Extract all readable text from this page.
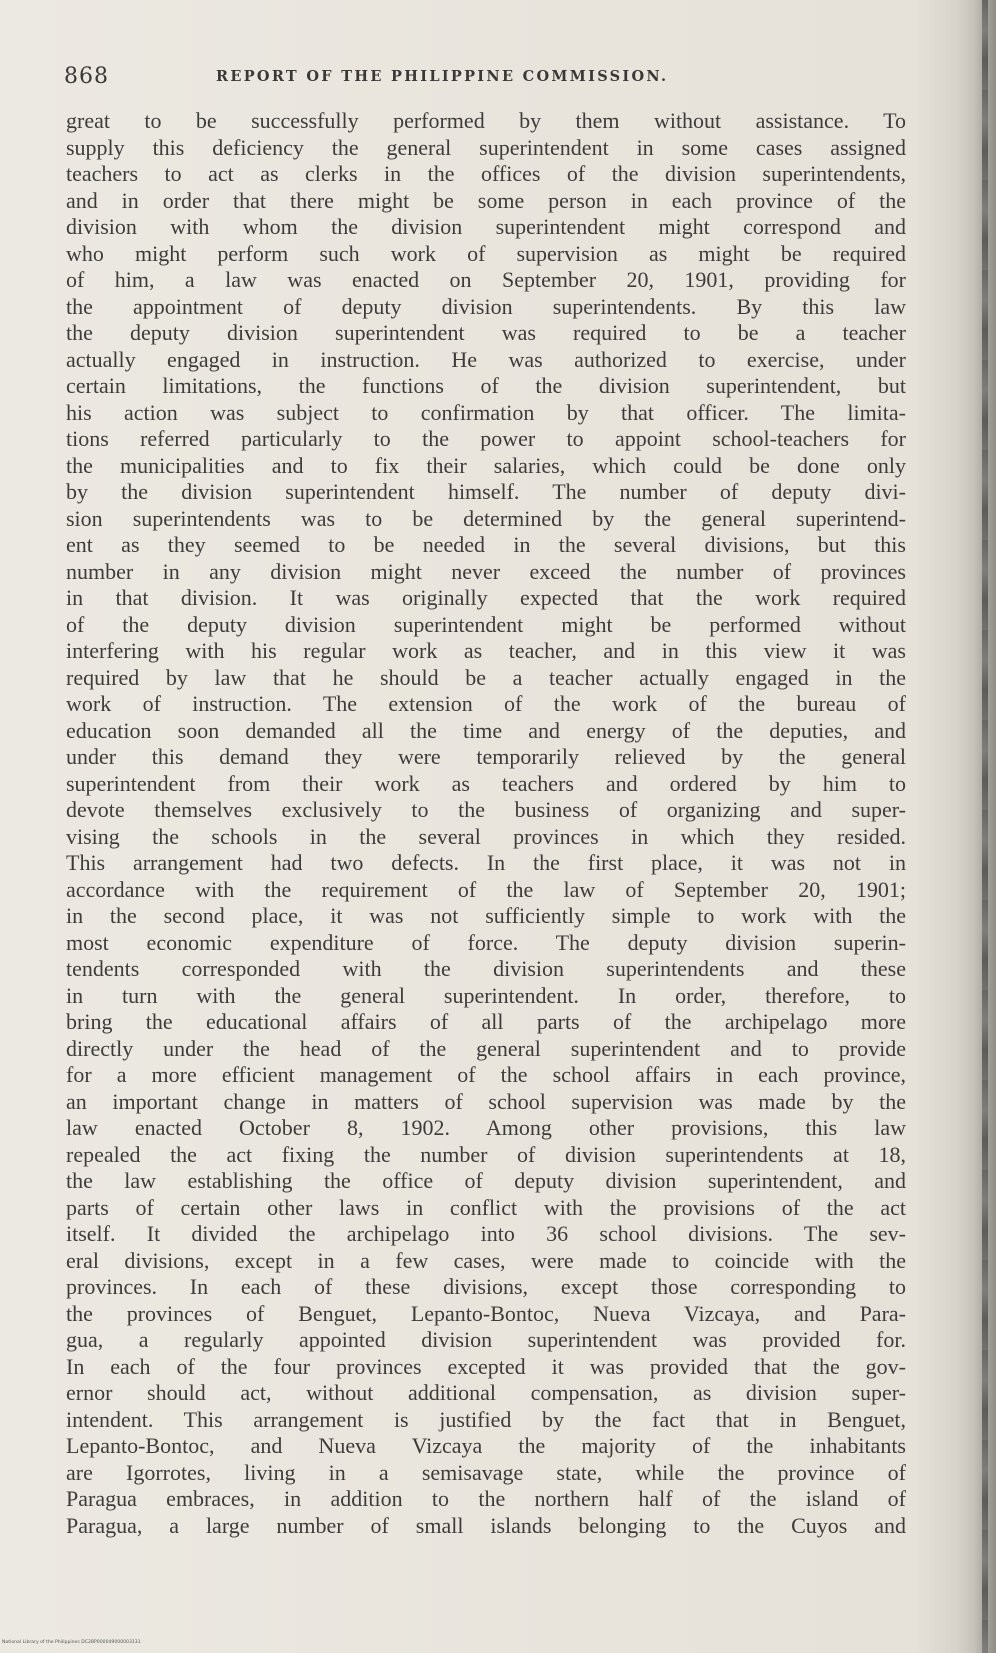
868	REPORT OF THE PHILIPPINE COMMISSION.
great to be successfully performed by them without assistance. To
supply this deficiency the general superintendent in some cases assigned
teachers to act as clerks in the offices of the division superintendents,
and in order that there might be some person in each province of the
division with whom the division superintendent might correspond and
who might perform such work of supervision as might be required
of him, a law was enacted on September 20, 1901, providing for
the appointment of deputy division superintendents. By this law
the deputy division superintendent was required to be a teacher
actually engaged in instruction. He was authorized to exercise, under
certain limitations, the functions of the division superintendent, but
his action was subject to confirmation by that officer. The limita-
tions referred particularly to the power to appoint school-teachers for
the municipalities and to fix their salaries, which could be done only
by the division superintendent himself. The number of deputy divi-
sion superintendents was to be determined by the general superintend-
ent as they seemed to be needed in the several divisions, but this
number in any division might never exceed the number of provinces
in that division. It was originally expected that the work required
of the deputy division superintendent might be performed without
interfering with his regular work as teacher, and in this view it was
required by law that he should be a teacher actually engaged in the
work of instruction. The extension of the work of the bureau of
education soon demanded all the time and energy of the deputies, and
under this demand they were temporarily relieved by the general
superintendent from their work as teachers and ordered by him to
devote themselves exclusively to the business of organizing and super-
vising the schools in the several provinces in which they resided.
This arrangement had two defects. In the first place, it was not in
accordance with the requirement of the law of September 20, 1901;
in the second place, it was not sufficiently simple to work with the
most economic expenditure of force. The deputy division superin-
tendents corresponded with the division superintendents and these
in turn with the general superintendent. In order, therefore, to
bring the educational affairs of all parts of the archipelago more
directly under the head of the general superintendent and to provide
for a more efficient management of the school affairs in each province,
an important change in matters of school supervision was made by the
law enacted October 8, 1902. Among other provisions, this law
repealed the act fixing the number of division superintendents at 18,
the law establishing the office of deputy division superintendent, and
parts of certain other laws in conflict with the provisions of the act
itself. It divided the archipelago into 36 school divisions. The sev-
eral divisions, except in a few cases, were made to coincide with the
provinces. In each of these divisions, except those corresponding to
the provinces of Benguet, Lepanto-Bontoc, Nueva Vizcaya, and Para-
gua, a regularly appointed division superintendent was provided for.
In each of the four provinces excepted it was provided that the gov-
ernor should act, without additional compensation, as division super-
intendent. This arrangement is justified by the fact that in Benguet,
Lepanto-Bontoc, and Nueva Vizcaya the majority of the inhabitants
are Igorrotes, living in a semisavage state, while the province of
Paragua embraces, in addition to the northern half of the island of
Paragua, a large number of small islands belonging to the Cuyos and
National Library of the Philippines DC2BP000049000003131
